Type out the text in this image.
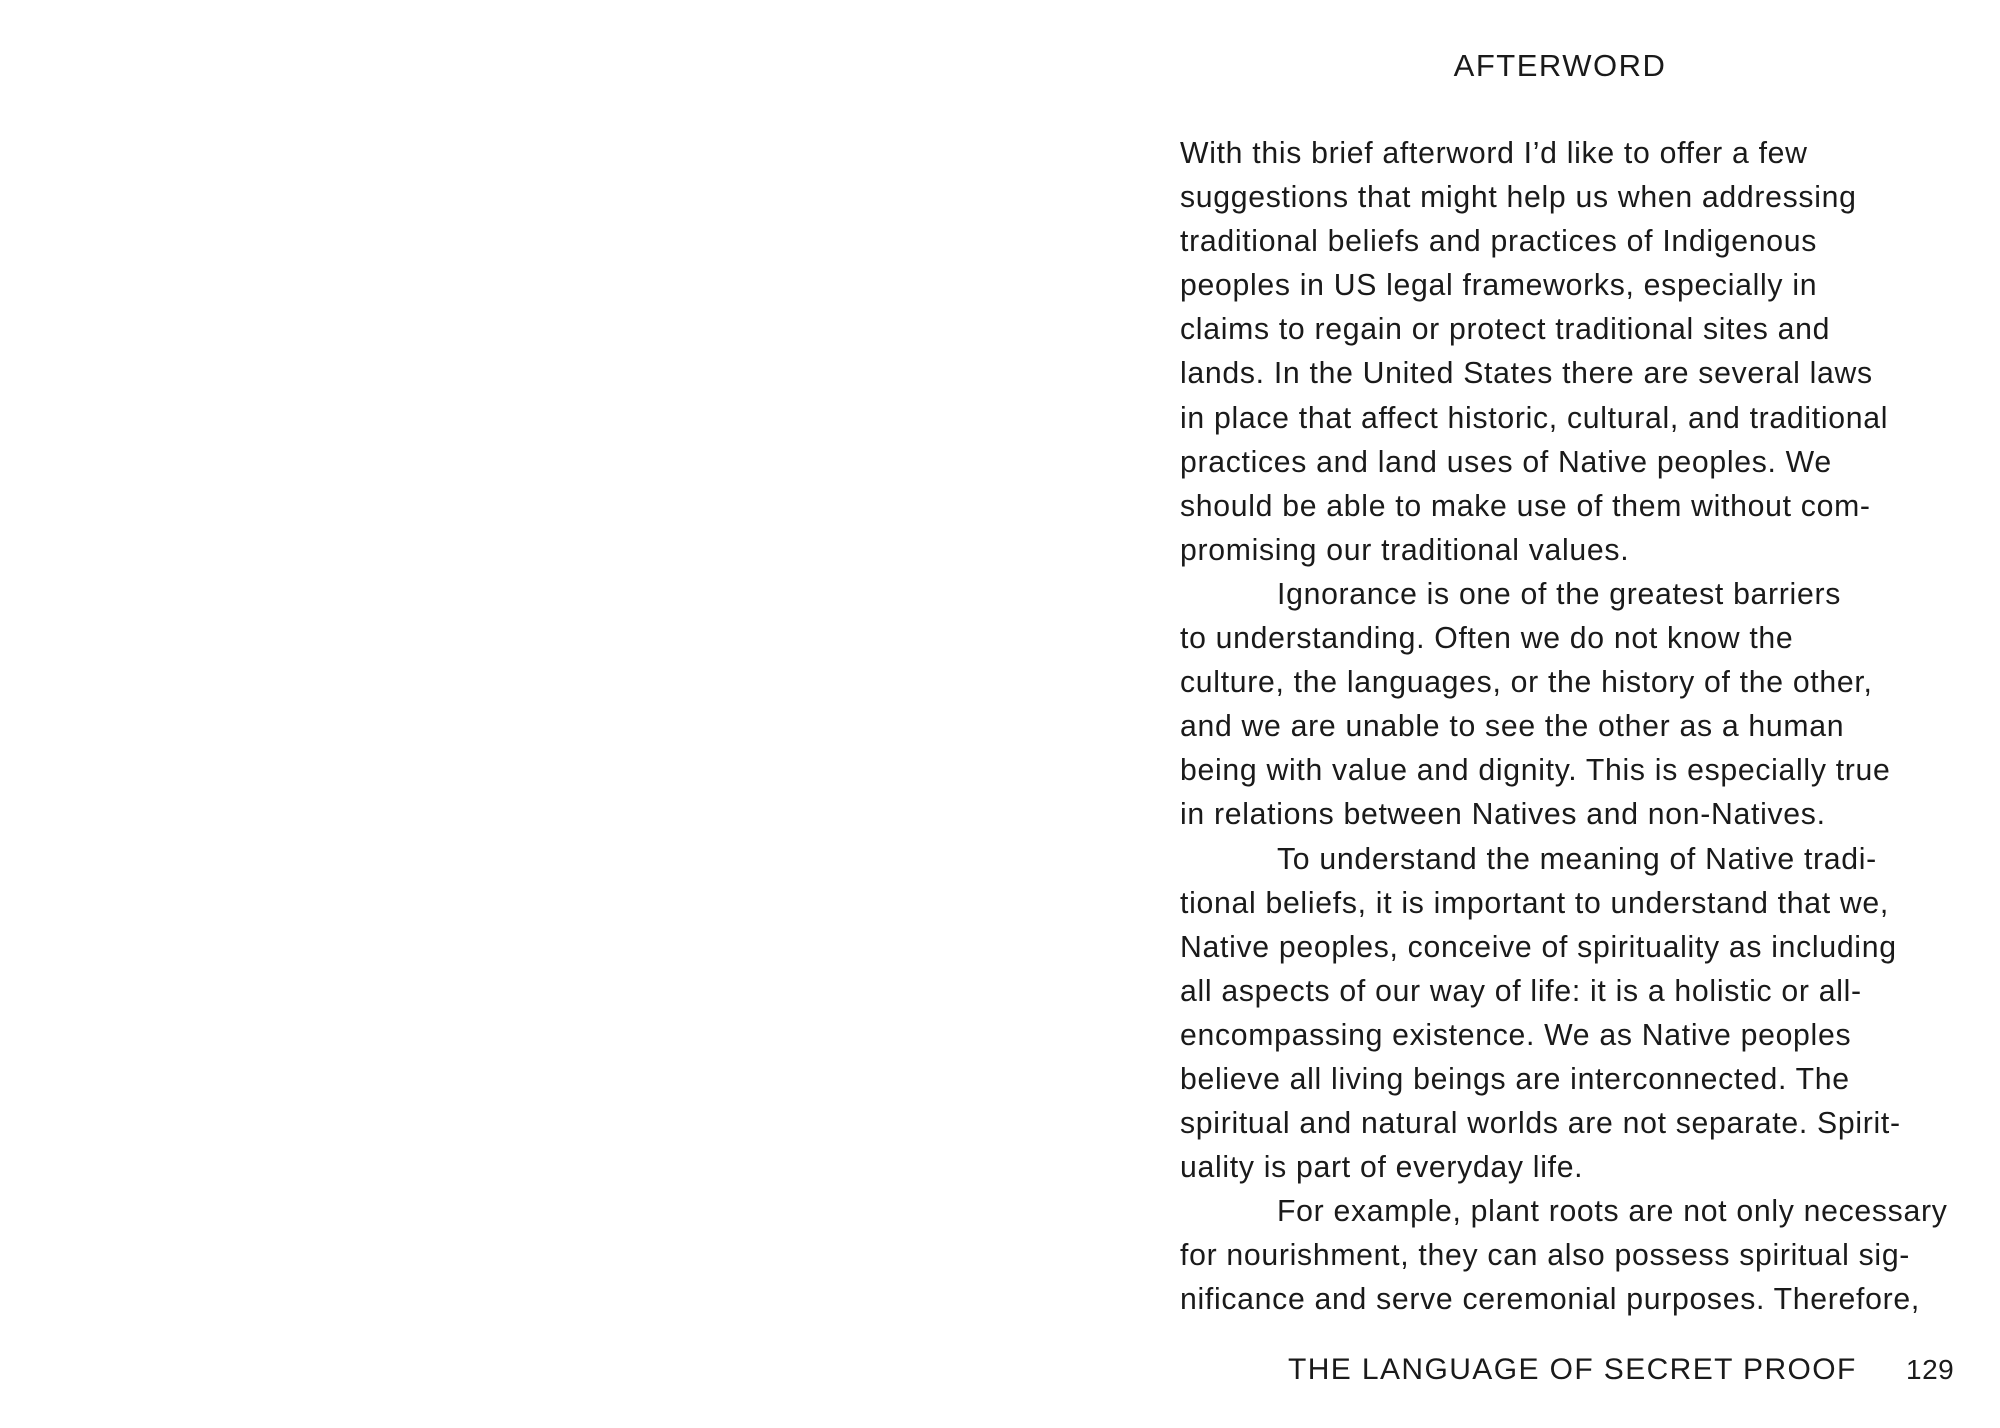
AFTERWORD
With this brief afterword I’d like to offer a few
suggestions that might help us when addressing
traditional beliefs and practices of Indigenous
peoples in US legal frameworks, especially in
claims to regain or protect traditional sites and
lands. In the United States there are several laws
in place that affect historic, cultural, and traditional
practices and land uses of Native peoples. We
should be able to make use of them without com-
promising our traditional values.
Ignorance is one of the greatest barriers
to understanding. Often we do not know the
culture, the languages, or the history of the other,
and we are unable to see the other as a human
being with value and dignity. This is especially true
in relations between Natives and non-Natives.
To understand the meaning of Native tradi-
tional beliefs, it is important to understand that we,
Native peoples, conceive of spirituality as including
all aspects of our way of life: it is a holistic or all-
encompassing existence. We as Native peoples
believe all living beings are interconnected. The
spiritual and natural worlds are not separate. Spirit-
uality is part of everyday life.
For example, plant roots are not only necessary
for nourishment, they can also possess spiritual sig-
nificance and serve ceremonial purposes. Therefore,
THE LANGUAGE OF SECRET PROOF 129
